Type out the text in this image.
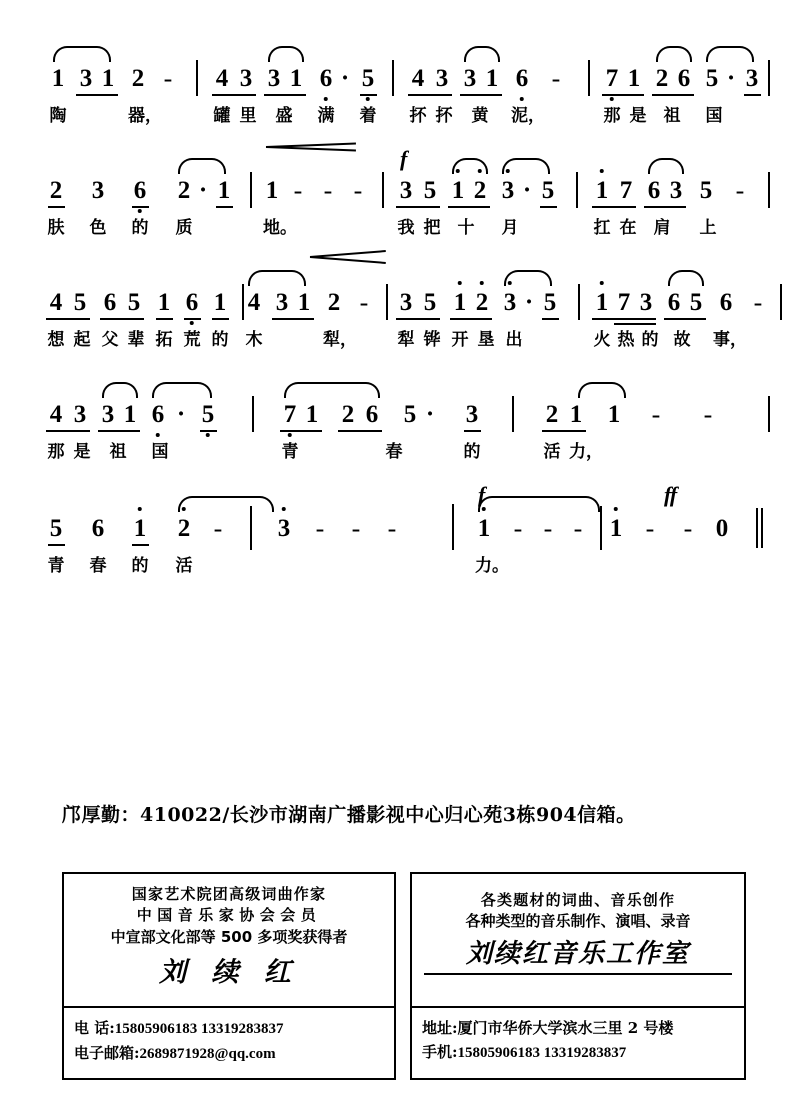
1 3 1 2 -
陶	器，
4 3 3 1 6 · 5
罐 里 盛 满 着
4 3 3 1 6 -
抔 抔 黄 泥，
7 1 2 6 5 · 3
那 是 祖 国
2 3 6 2 · 1
肤 色 的 质
1 - - -
地。
f
3 5 1 2 3 · 5
我 把 十 月
1 7 6 3 5 -
扛 在 肩 上
4 5 6 5 1 6 1
想 起 父 辈 拓 荒 的
4 3 1 2 -
木	犁，
3 5 1 2 3 · 5
犁 铧 开 垦 出
1 7 3 6 5 6 -
火 热 的 故 事，
4 3 3 1 6 · 5
那 是 祖 国
7 1 2 6 5 · 3
青	春	的
2 1 1 - -
活 力，
5 6 1 2 -
青 春 的 活
3 - - -
f
1 - - -
力。
ff
1 - - 0
邝厚勤：410022/长沙市湖南广播影视中心归心苑3栋904信箱。
国家艺术院团高级词曲作家
中国音乐家协会会员
中宣部文化部等 500 多项奖获得者
刘 续 红
电 话:15805906183 13319283837
电子邮箱:2689871928@qq.com
各类题材的词曲、音乐创作
各种类型的音乐制作、演唱、录音
刘续红音乐工作室
地址:厦门市华侨大学滨水三里 2 号楼
手机:15805906183 13319283837
